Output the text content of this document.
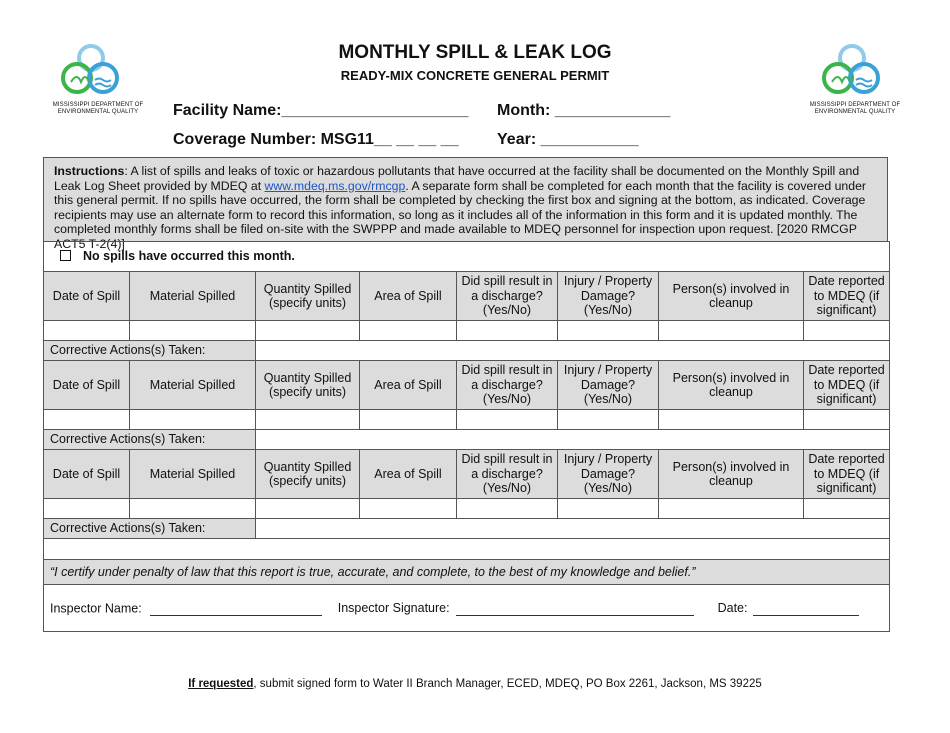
MISSISSIPPI DEPARTMENT OF
ENVIRONMENTAL QUALITY
MISSISSIPPI DEPARTMENT OF
ENVIRONMENTAL QUALITY
MONTHLY SPILL & LEAK LOG
READY-MIX CONCRETE GENERAL PERMIT
Facility Name:_____________________ Month: _____________
Coverage Number: MSG11__ __ __ __ Year: ___________
Instructions: A list of spills and leaks of toxic or hazardous pollutants that have occurred at the facility shall be documented on the Monthly Spill and Leak Log Sheet provided by MDEQ at www.mdeq.ms.gov/rmcgp. A separate form shall be completed for each month that the facility is covered under this general permit. If no spills have occurred, the form shall be completed by checking the first box and signing at the bottom, as indicated. Coverage recipients may use an alternate form to record this information, so long as it includes all of the information in this form and it is updated monthly. The completed monthly forms shall be filed on-site with the SWPPP and made available to MDEQ personnel for inspection upon request. [2020 RMCGP ACT5 T-2(4)]
No spills have occurred this month.							
Date of Spill	Material Spilled	Quantity Spilled (specify units)	Area of Spill	Did spill result in a discharge? (Yes/No)	Injury / Property Damage? (Yes/No)	Person(s) involved in cleanup	Date reported to MDEQ (if significant)

Corrective Actions(s) Taken:							
Date of Spill	Material Spilled	Quantity Spilled (specify units)	Area of Spill	Did spill result in a discharge? (Yes/No)	Injury / Property Damage? (Yes/No)	Person(s) involved in cleanup	Date reported to MDEQ (if significant)

Corrective Actions(s) Taken:							
Date of Spill	Material Spilled	Quantity Spilled (specify units)	Area of Spill	Did spill result in a discharge? (Yes/No)	Injury / Property Damage? (Yes/No)	Person(s) involved in cleanup	Date reported to MDEQ (if significant)

Corrective Actions(s) Taken:							

“I certify under penalty of law that this report is true, accurate, and complete, to the best of my knowledge and belief.”							
Inspector Name: Inspector Signature: Date:							
If requested, submit signed form to Water II Branch Manager, ECED, MDEQ, PO Box 2261, Jackson, MS 39225
